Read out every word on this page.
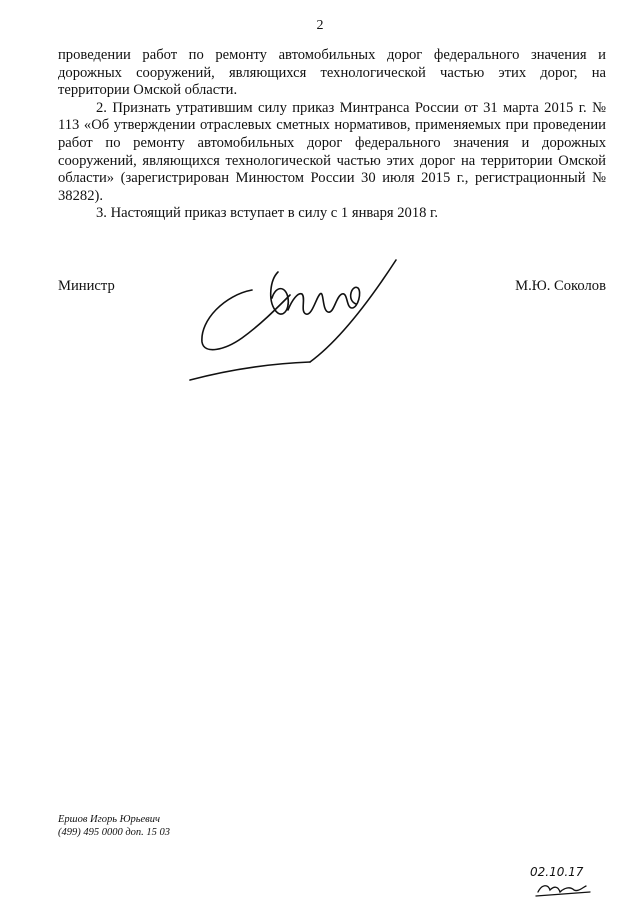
2

проведении работ по ремонту автомобильных дорог федерального значения и дорожных сооружений, являющихся технологической частью этих дорог, на территории Омской области.

2. Признать утратившим силу приказ Минтранса России от 31 марта 2015 г. № 113 «Об утверждении отраслевых сметных нормативов, применяемых при проведении работ по ремонту автомобильных дорог федерального значения и дорожных сооружений, являющихся технологической частью этих дорог на территории Омской области» (зарегистрирован Минюстом России 30 июля 2015 г., регистрационный № 38282).

3. Настоящий приказ вступает в силу с 1 января 2018 г.

Министр	М.Ю. Соколов
Ершов Игорь Юрьевич
(499) 495 0000 доп. 15 03
02.10.17
